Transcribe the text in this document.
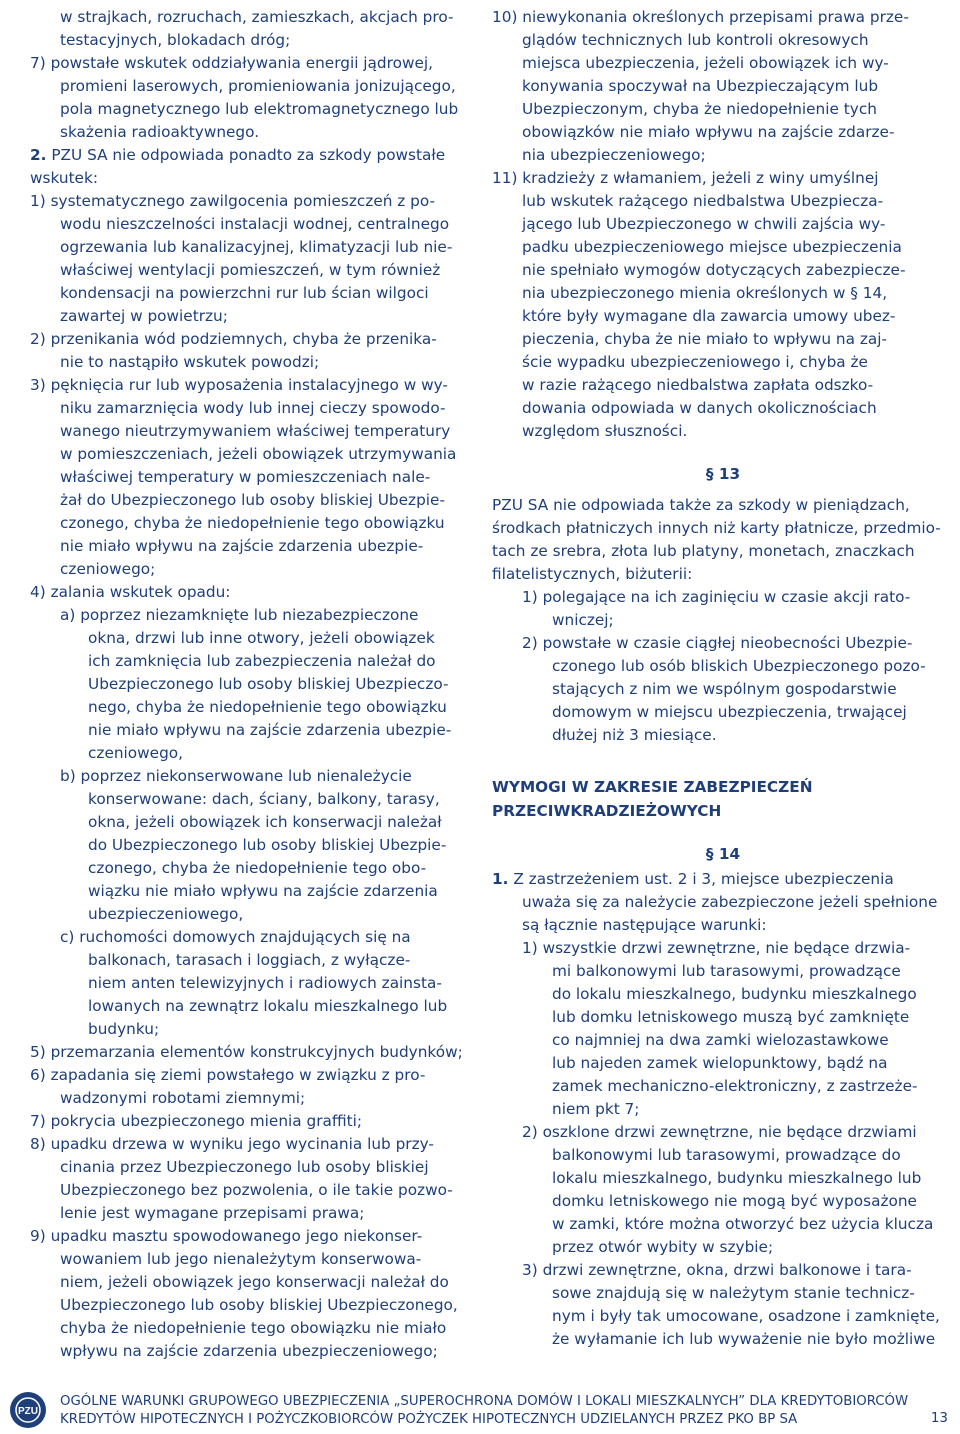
w strajkach, rozruchach, zamieszkach, akcjach pro-
testacyjnych, blokadach dróg;
7) powstałe wskutek oddziaływania energii jądrowej,
promieni laserowych, promieniowania jonizującego,
pola magnetycznego lub elektromagnetycznego lub
skażenia radioaktywnego.
2. PZU SA nie odpowiada ponadto za szkody powstałe
wskutek:
1) systematycznego zawilgocenia pomieszczeń z po-
wodu nieszczelności instalacji wodnej, centralnego
ogrzewania lub kanalizacyjnej, klimatyzacji lub nie-
właściwej wentylacji pomieszczeń, w tym również
kondensacji na powierzchni rur lub ścian wilgoci
zawartej w powietrzu;
2) przenikania wód podziemnych, chyba że przenika-
nie to nastąpiło wskutek powodzi;
3) pęknięcia rur lub wyposażenia instalacyjnego w wy-
niku zamarznięcia wody lub innej cieczy spowodo-
wanego nieutrzymywaniem właściwej temperatury
w pomieszczeniach, jeżeli obowiązek utrzymywania
właściwej temperatury w pomieszczeniach nale-
żał do Ubezpieczonego lub osoby bliskiej Ubezpie-
czonego, chyba że niedopełnienie tego obowiązku
nie miało wpływu na zajście zdarzenia ubezpie-
czeniowego;
4) zalania wskutek opadu:
a) poprzez niezamknięte lub niezabezpieczone
okna, drzwi lub inne otwory, jeżeli obowiązek
ich zamknięcia lub zabezpieczenia należał do
Ubezpieczonego lub osoby bliskiej Ubezpieczo-
nego, chyba że niedopełnienie tego obowiązku
nie miało wpływu na zajście zdarzenia ubezpie-
czeniowego,
b) poprzez niekonserwowane lub nienależycie
konserwowane: dach, ściany, balkony, tarasy,
okna, jeżeli obowiązek ich konserwacji należał
do Ubezpieczonego lub osoby bliskiej Ubezpie-
czonego, chyba że niedopełnienie tego obo-
wiązku nie miało wpływu na zajście zdarzenia
ubezpieczeniowego,
c) ruchomości domowych znajdujących się na
balkonach, tarasach i loggiach, z wyłącze-
niem anten telewizyjnych i radiowych zainsta-
lowanych na zewnątrz lokalu mieszkalnego lub
budynku;
5) przemarzania elementów konstrukcyjnych budynków;
6) zapadania się ziemi powstałego w związku z pro-
wadzonymi robotami ziemnymi;
7) pokrycia ubezpieczonego mienia graffiti;
8) upadku drzewa w wyniku jego wycinania lub przy-
cinania przez Ubezpieczonego lub osoby bliskiej
Ubezpieczonego bez pozwolenia, o ile takie pozwo-
lenie jest wymagane przepisami prawa;
9) upadku masztu spowodowanego jego niekonser-
wowaniem lub jego nienależytym konserwowa-
niem, jeżeli obowiązek jego konserwacji należał do
Ubezpieczonego lub osoby bliskiej Ubezpieczonego,
chyba że niedopełnienie tego obowiązku nie miało
wpływu na zajście zdarzenia ubezpieczeniowego;
10) niewykonania określonych przepisami prawa prze-
glądów technicznych lub kontroli okresowych
miejsca ubezpieczenia, jeżeli obowiązek ich wy-
konywania spoczywał na Ubezpieczającym lub
Ubezpieczonym, chyba że niedopełnienie tych
obowiązków nie miało wpływu na zajście zdarze-
nia ubezpieczeniowego;
11) kradzieży z włamaniem, jeżeli z winy umyślnej
lub wskutek rażącego niedbalstwa Ubezpiecza-
jącego lub Ubezpieczonego w chwili zajścia wy-
padku ubezpieczeniowego miejsce ubezpieczenia
nie spełniało wymogów dotyczących zabezpiecze-
nia ubezpieczonego mienia określonych w § 14,
które były wymagane dla zawarcia umowy ubez-
pieczenia, chyba że nie miało to wpływu na zaj-
ście wypadku ubezpieczeniowego i, chyba że
w razie rażącego niedbalstwa zapłata odszko-
dowania odpowiada w danych okolicznościach
względom słuszności.
§ 13
PZU SA nie odpowiada także za szkody w pieniądzach,
środkach płatniczych innych niż karty płatnicze, przedmio-
tach ze srebra, złota lub platyny, monetach, znaczkach
filatelistycznych, biżuterii:
1) polegające na ich zaginięciu w czasie akcji rato-
wniczej;
2) powstałe w czasie ciągłej nieobecności Ubezpie-
czonego lub osób bliskich Ubezpieczonego pozo-
stających z nim we wspólnym gospodarstwie
domowym w miejscu ubezpieczenia, trwającej
dłużej niż 3 miesiące.
WYMOGI W ZAKRESIE ZABEZPIECZEŃ
PRZECIWKRADZIEŻOWYCH
§ 14
1. Z zastrzeżeniem ust. 2 i 3, miejsce ubezpieczenia
uważa się za należycie zabezpieczone jeżeli spełnione
są łącznie następujące warunki:
1) wszystkie drzwi zewnętrzne, nie będące drzwia-
mi balkonowymi lub tarasowymi, prowadzące
do lokalu mieszkalnego, budynku mieszkalnego
lub domku letniskowego muszą być zamknięte
co najmniej na dwa zamki wielozastawkowe
lub najeden zamek wielopunktowy, bądź na
zamek mechaniczno-elektroniczny, z zastrzeże-
niem pkt 7;
2) oszklone drzwi zewnętrzne, nie będące drzwiami
balkonowymi lub tarasowymi, prowadzące do
lokalu mieszkalnego, budynku mieszkalnego lub
domku letniskowego nie mogą być wyposażone
w zamki, które można otworzyć bez użycia klucza
przez otwór wybity w szybie;
3) drzwi zewnętrzne, okna, drzwi balkonowe i tara-
sowe znajdują się w należytym stanie technicz-
nym i były tak umocowane, osadzone i zamknięte,
że wyłamanie ich lub wyważenie nie było możliwe
PZU
OGÓLNE WARUNKI GRUPOWEGO UBEZPIECZENIA „SUPEROCHRONA DOMÓW I LOKALI MIESZKALNYCH” DLA KREDYTOBIORCÓW
KREDYTÓW HIPOTECZNYCH I POŻYCZKOBIORCÓW POŻYCZEK HIPOTECZNYCH UDZIELANYCH PRZEZ PKO BP SA	13
